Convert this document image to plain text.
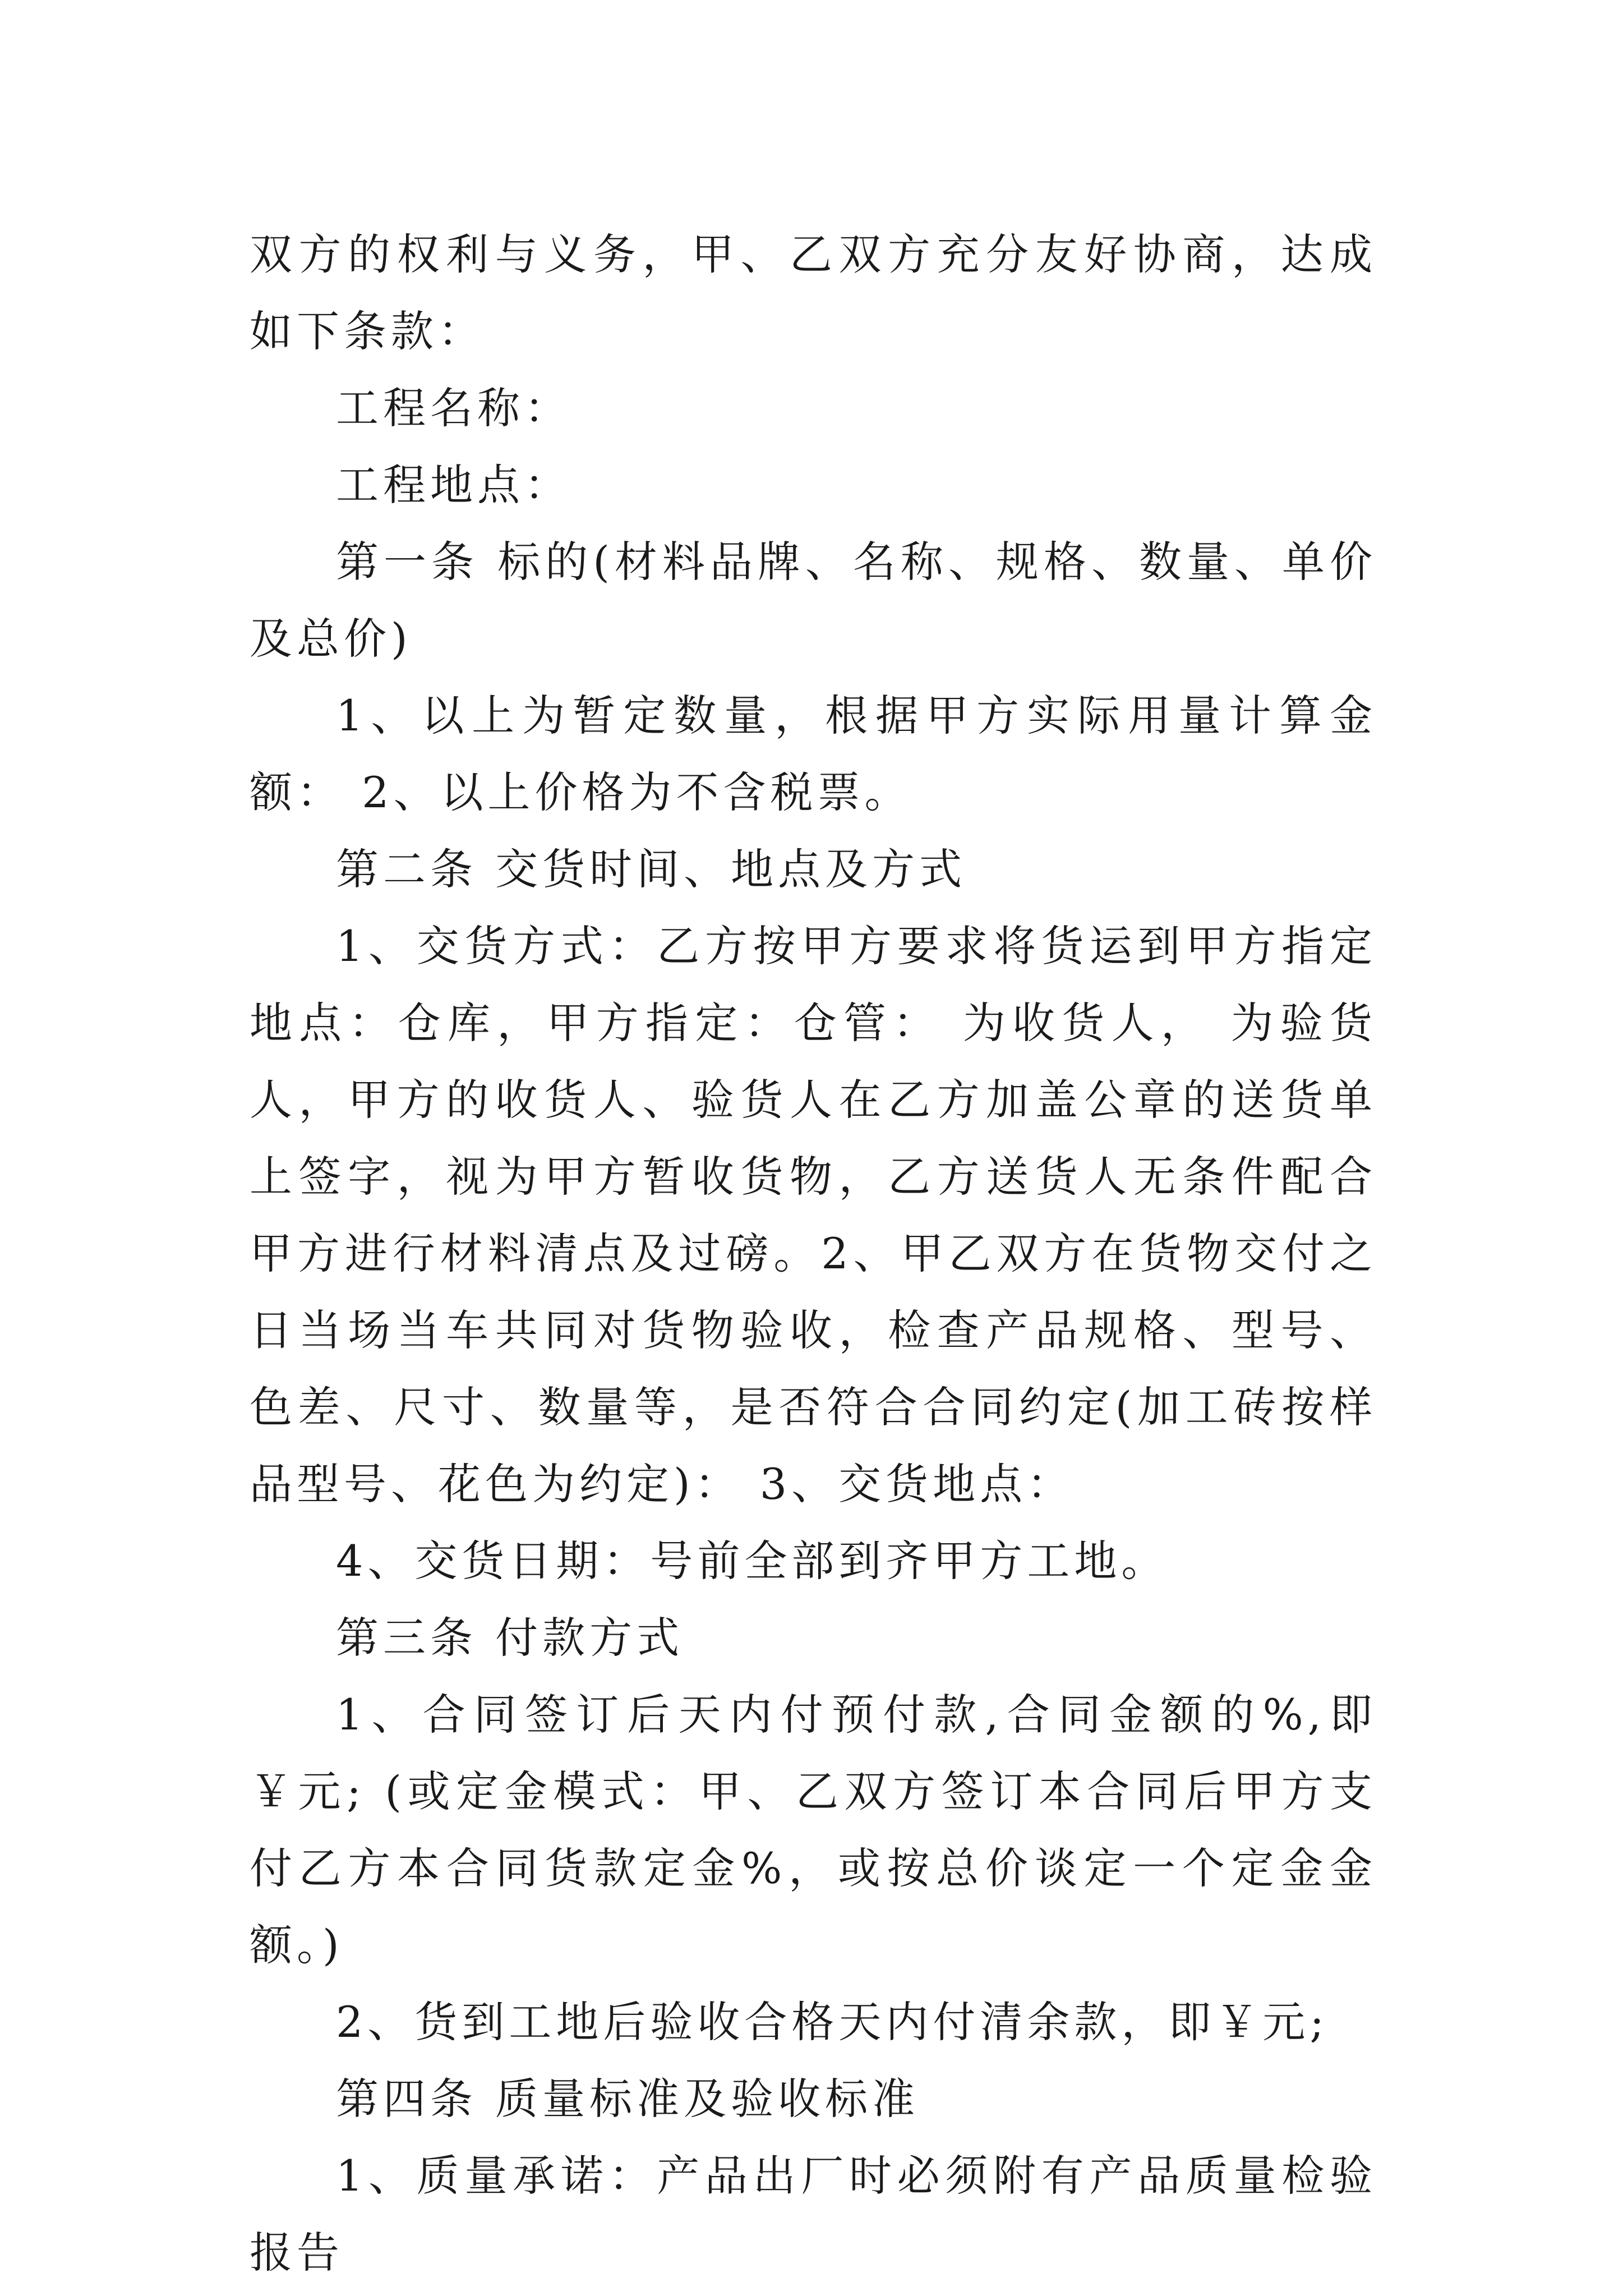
双方的权利与义务，甲、乙双方充分友好协商，达成如下条款：

工程名称：

工程地点：

第一条 标的(材料品牌、名称、规格、数量、单价及总价)

1、以上为暂定数量，根据甲方实际用量计算金额： 2、以上价格为不含税票。

第二条 交货时间、地点及方式

1、交货方式：乙方按甲方要求将货运到甲方指定地点：仓库，甲方指定：仓管： 为收货人， 为验货人，甲方的收货人、验货人在乙方加盖公章的送货单上签字，视为甲方暂收货物，乙方送货人无条件配合甲方进行材料清点及过磅。2、甲乙双方在货物交付之日当场当车共同对货物验收，检查产品规格、型号、色差、尺寸、数量等，是否符合合同约定(加工砖按样品型号、花色为约定)： 3、交货地点：

4、交货日期：号前全部到齐甲方工地。

第三条 付款方式

1、合同签订后天内付预付款,合同金额的%,即￥元; (或定金模式：甲、乙双方签订本合同后甲方支付乙方本合同货款定金%，或按总价谈定一个定金金额。)

2、货到工地后验收合格天内付清余款，即￥元;

第四条 质量标准及验收标准

1、质量承诺：产品出厂时必须附有产品质量检验报告
